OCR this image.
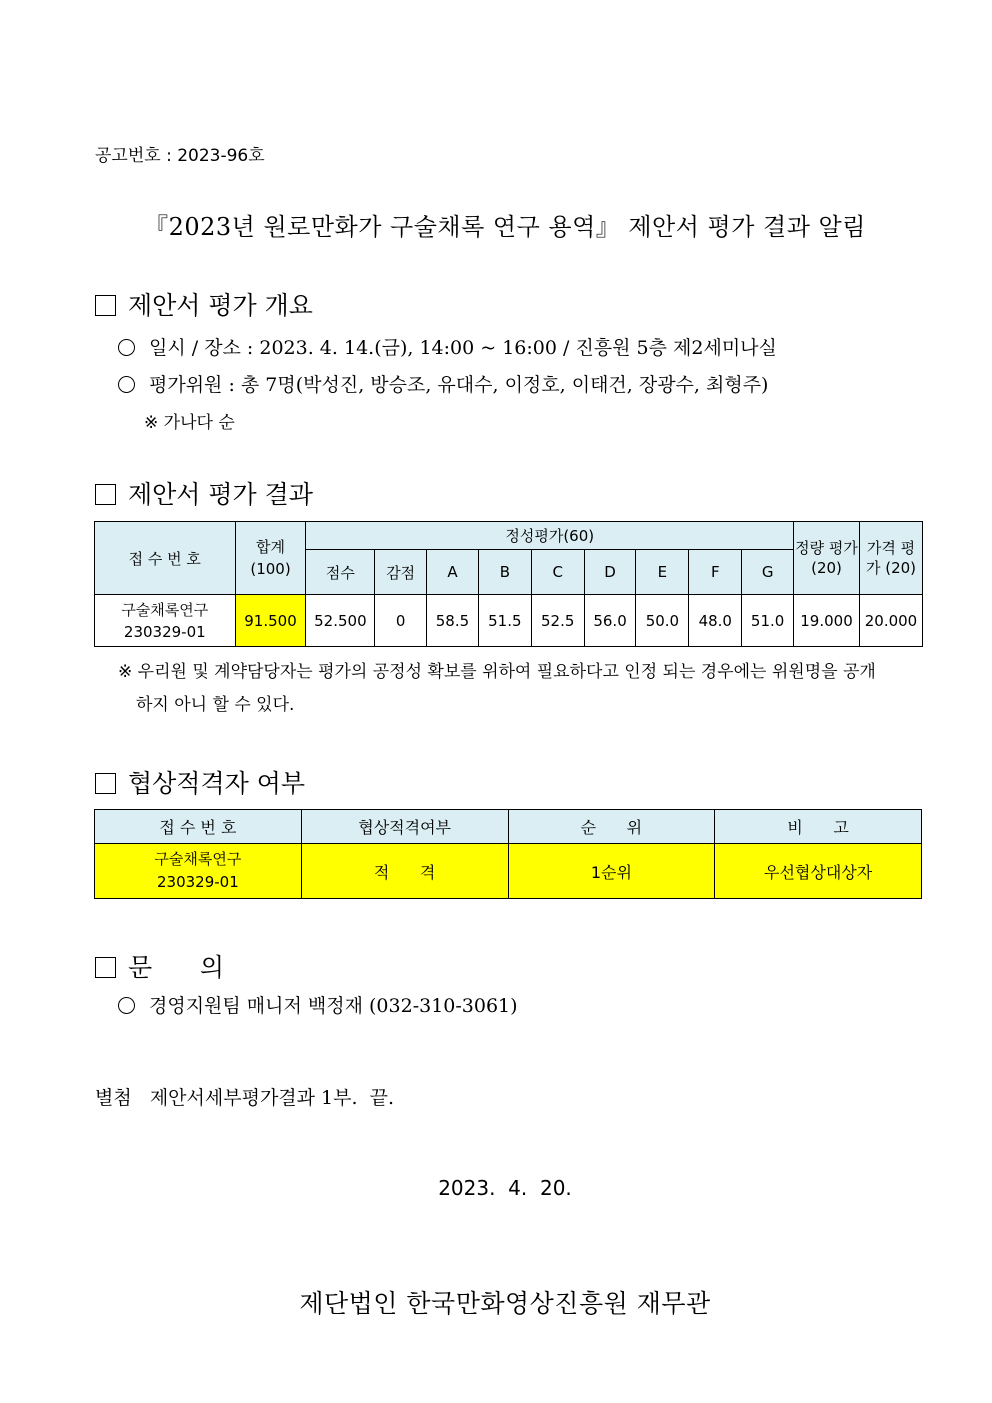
공고번호 : 2023-96호
『2023년 원로만화가 구술채록 연구 용역』 제안서 평가 결과 알림
제안서 평가 개요
일시 / 장소 : 2023. 4. 14.(금), 14:00 ~ 16:00 / 진흥원 5층 제2세미나실
평가위원 : 총 7명(박성진, 방승조, 유대수, 이정호, 이태건, 장광수, 최형주)
※ 가나다 순
제안서 평가 결과
접 수 번 호	합계 (100)	정성평가(60)									정량 평가 (20)	가격 평가 (20)
		점수	감점	A	B	C	D	E	F	G		
구술채록연구 230329-01	91.500	52.500	0	58.5	51.5	52.5	56.0	50.0	48.0	51.0	19.000	20.000
※ 우리원 및 계약담당자는 평가의 공정성 확보를 위하여 필요하다고 인정 되는 경우에는 위원명을 공개
하지 아니 할 수 있다.
협상적격자 여부
접 수 번 호	협상적격여부	순      위	비      고
구술채록연구 230329-01	적      격	1순위	우선협상대상자
문      의
경영지원팀 매니저 백정재 (032-310-3061)
별첨   제안서세부평가결과 1부.  끝.
2023.  4.  20.
제단법인 한국만화영상진흥원 재무관
